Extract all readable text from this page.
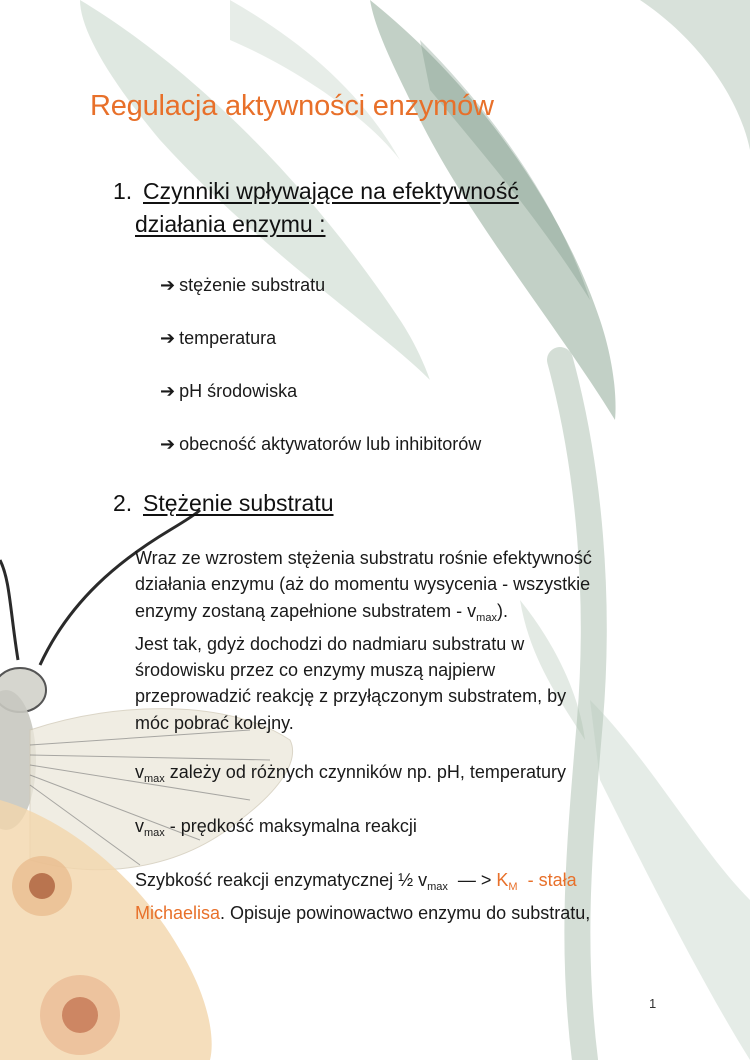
Regulacja aktywności enzymów
1. Czynniki wpływające na efektywność
działania enzymu :
➔ stężenie substratu
➔ temperatura
➔ pH środowiska
➔ obecność aktywatorów lub inhibitorów
2. Stężenie substratu
Wraz ze wzrostem stężenia substratu rośnie efektywność
działania enzymu (aż do momentu wysycenia - wszystkie
enzymy zostaną zapełnione substratem - $v_{max}$).
Jest tak, gdyż dochodzi do nadmiaru substratu w
środowisku przez co enzymy muszą najpierw
przeprowadzić reakcję z przyłączonym substratem, by
móc pobrać kolejny.
$v_{max}$ zależy od różnych czynników np. pH, temperatury
$v_{max}$ - prędkość maksymalna reakcji
Szybkość reakcji enzymatycznej ½ $v_{max}$  — > $K_M$  - stała
Michaelisa. Opisuje powinowactwo enzymu do substratu,
1
